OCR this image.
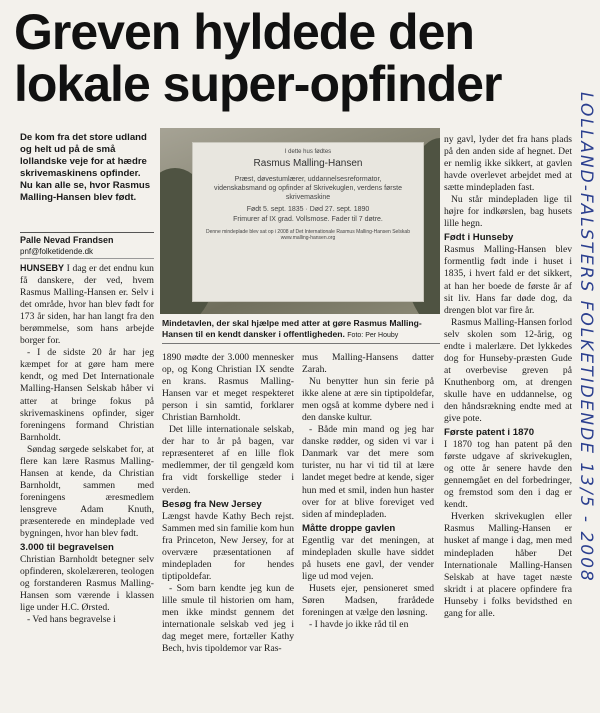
Greven hyldede den lokale super-opfinder
LOLLAND-FALSTERS FOLKETIDENDE 13/5 - 2008

De kom fra det store udland og helt ud på de små lollandske veje for at hædre skrivemaskinens opfinder. Nu kan alle se, hvor Rasmus Malling-Hansen blev født.

Palle Nevad Frandsen
pnf@folketidende.dk

HUNSEBY I dag er det endnu kun få danskere, der ved, hvem Rasmus Malling-Hansen er. Selv i det område, hvor han blev født for 173 år siden, har han langt fra den berømmelse, som hans arbejde borger for.

- I de sidste 20 år har jeg kæmpet for at gøre ham mere kendt, og med Det Internationale Malling-Hansen Selskab håber vi atter at bringe fokus på skrivemaskinens opfinder, siger foreningens formand Christian Barnholdt.

Søndag sørgede selskabet for, at flere kan lære Rasmus Malling-Hansen at kende, da Christian Barnholdt, sammen med foreningens æresmedlem lensgreve Adam Knuth, præsenterede en mindeplade ved bygningen, hvor han blev født.

3.000 til begravelsen

Christian Barnholdt betegner selv opfinderen, skolelæreren, teologen og forstanderen Rasmus Malling-Hansen som værende i klassen lige under H.C. Ørsted.

- Ved hans begravelse i

I dette hus fødtes
Rasmus Malling-Hansen
Præst, døvestumlærer, uddannelsesreformator, videnskabsmand og opfinder af Skrivekuglen, verdens første skrivemaskine
Født 5. sept. 1835 · Død 27. sept. 1890
Frimurer af IX grad. Vollsmose. Fader til 7 døtre.
Denne mindeplade blev sat op i 2008 af Det Internationale Rasmus Malling-Hansen Selskab www.malling-hansen.org
Mindetavlen, der skal hjælpe med atter at gøre Rasmus Malling-Hansen til en kendt dansker i offentligheden. Foto: Per Houby

1890 mødte der 3.000 mennesker op, og Kong Christian IX sendte en krans. Rasmus Malling-Hansen var et meget respekteret person i sin samtid, forklarer Christian Barnholdt.

Det lille internationale selskab, der har to år på bagen, var repræsenteret af en lille flok medlemmer, der til gengæld kom fra vidt forskellige steder i verden.

Besøg fra New Jersey

Længst havde Kathy Bech rejst. Sammen med sin familie kom hun fra Princeton, New Jersey, for at overvære præsentationen af mindepladen for hendes tiptipoldefar.

- Som barn kendte jeg kun de lille smule til historien om ham, men ikke mindst gennem det internationale selskab ved jeg i dag meget mere, fortæller Kathy Bech, hvis tipoldemor var Ras-

mus Malling-Hansens datter Zarah.

Nu benytter hun sin ferie på ikke alene at ære sin tiptipoldefar, men også at komme dybere ned i den danske kultur.

- Både min mand og jeg har danske rødder, og siden vi var i Danmark var det mere som turister, nu har vi tid til at lære landet meget bedre at kende, siger hun med et smil, inden hun haster over for at blive foreviget ved siden af mindepladen.

Måtte droppe gavlen

Egentlig var det meningen, at mindepladen skulle have siddet på husets ene gavl, der vender lige ud mod vejen.

Husets ejer, pensioneret smed Søren Madsen, frarådede foreningen at vælge den løsning.

- I havde jo ikke råd til en

ny gavl, lyder det fra hans plads på den anden side af hegnet. Det er nemlig ikke sikkert, at gavlen havde overlevet arbejdet med at sætte mindepladen fast.

Nu står mindepladen lige til højre for indkørslen, bag husets lille hegn.

Født i Hunseby

Rasmus Malling-Hansen blev formentlig født inde i huset i 1835, i hvert fald er det sikkert, at han her boede de første år af sit liv. Hans far døde dog, da drengen blot var fire år.

Rasmus Malling-Hansen forlod selv skolen som 12-årig, og endte i malerlære. Det lykkedes dog for Hunseby-præsten Gude at overbevise greven på Knuthenborg om, at drengen skulle have en uddannelse, og den håndsrækning endte med at give pote.

Første patent i 1870

I 1870 tog han patent på den første udgave af skrivekuglen, og otte år senere havde den gennemgået en del forbedringer, og fremstod som den i dag er kendt.

Hverken skrivekuglen eller Rasmus Malling-Hansen er husket af mange i dag, men med mindepladen håber Det Internationale Malling-Hansen Selskab at have taget næste skridt i at placere opfindere fra Hunseby i folks bevidsthed en gang for alle.
